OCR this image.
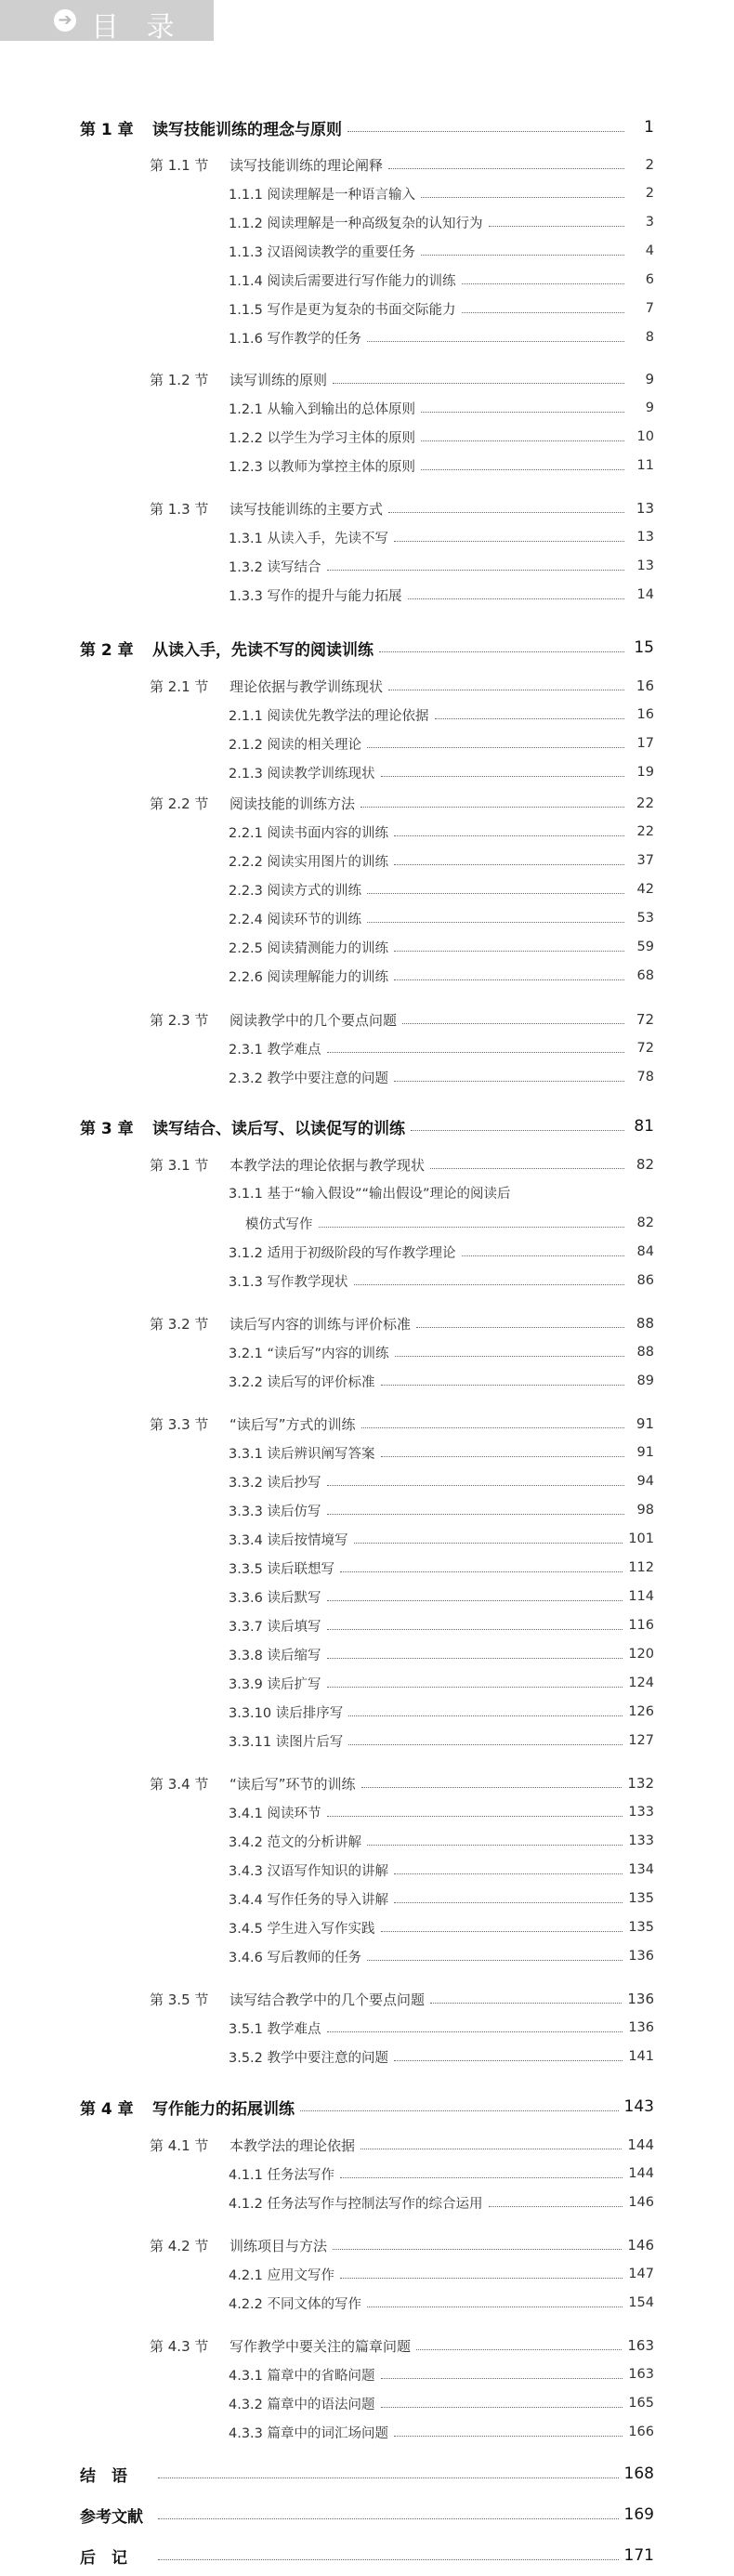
➔ 目 录
第 1 章	读写技能训练的理念与原则	1
第 1.1 节	读写技能训练的理论阐释	2
1.1.1 阅读理解是一种语言输入	2
1.1.2 阅读理解是一种高级复杂的认知行为	3
1.1.3 汉语阅读教学的重要任务	4
1.1.4 阅读后需要进行写作能力的训练	6
1.1.5 写作是更为复杂的书面交际能力	7
1.1.6 写作教学的任务	8
第 1.2 节	读写训练的原则	9
1.2.1 从输入到输出的总体原则	9
1.2.2 以学生为学习主体的原则	10
1.2.3 以教师为掌控主体的原则	11
第 1.3 节	读写技能训练的主要方式	13
1.3.1 从读入手，先读不写	13
1.3.2 读写结合	13
1.3.3 写作的提升与能力拓展	14
第 2 章	从读入手，先读不写的阅读训练	15
第 2.1 节	理论依据与教学训练现状	16
2.1.1 阅读优先教学法的理论依据	16
2.1.2 阅读的相关理论	17
2.1.3 阅读教学训练现状	19
第 2.2 节	阅读技能的训练方法	22
2.2.1 阅读书面内容的训练	22
2.2.2 阅读实用图片的训练	37
2.2.3 阅读方式的训练	42
2.2.4 阅读环节的训练	53
2.2.5 阅读猜测能力的训练	59
2.2.6 阅读理解能力的训练	68
第 2.3 节	阅读教学中的几个要点问题	72
2.3.1 教学难点	72
2.3.2 教学中要注意的问题	78
第 3 章	读写结合、读后写、以读促写的训练	81
第 3.1 节	本教学法的理论依据与教学现状	82
3.1.1 基于“输入假设”“输出假设”理论的阅读后
模仿式写作	82
3.1.2 适用于初级阶段的写作教学理论	84
3.1.3 写作教学现状	86
第 3.2 节	读后写内容的训练与评价标准	88
3.2.1 “读后写”内容的训练	88
3.2.2 读后写的评价标准	89
第 3.3 节	“读后写”方式的训练	91
3.3.1 读后辨识阐写答案	91
3.3.2 读后抄写	94
3.3.3 读后仿写	98
3.3.4 读后按情境写	101
3.3.5 读后联想写	112
3.3.6 读后默写	114
3.3.7 读后填写	116
3.3.8 读后缩写	120
3.3.9 读后扩写	124
3.3.10 读后排序写	126
3.3.11 读图片后写	127
第 3.4 节	“读后写”环节的训练	132
3.4.1 阅读环节	133
3.4.2 范文的分析讲解	133
3.4.3 汉语写作知识的讲解	134
3.4.4 写作任务的导入讲解	135
3.4.5 学生进入写作实践	135
3.4.6 写后教师的任务	136
第 3.5 节	读写结合教学中的几个要点问题	136
3.5.1 教学难点	136
3.5.2 教学中要注意的问题	141
第 4 章	写作能力的拓展训练	143
第 4.1 节	本教学法的理论依据	144
4.1.1 任务法写作	144
4.1.2 任务法写作与控制法写作的综合运用	146
第 4.2 节	训练项目与方法	146
4.2.1 应用文写作	147
4.2.2 不同文体的写作	154
第 4.3 节	写作教学中要关注的篇章问题	163
4.3.1 篇章中的省略问题	163
4.3.2 篇章中的语法问题	165
4.3.3 篇章中的词汇场问题	166
结　语	168
参考文献	169
后　记	171
